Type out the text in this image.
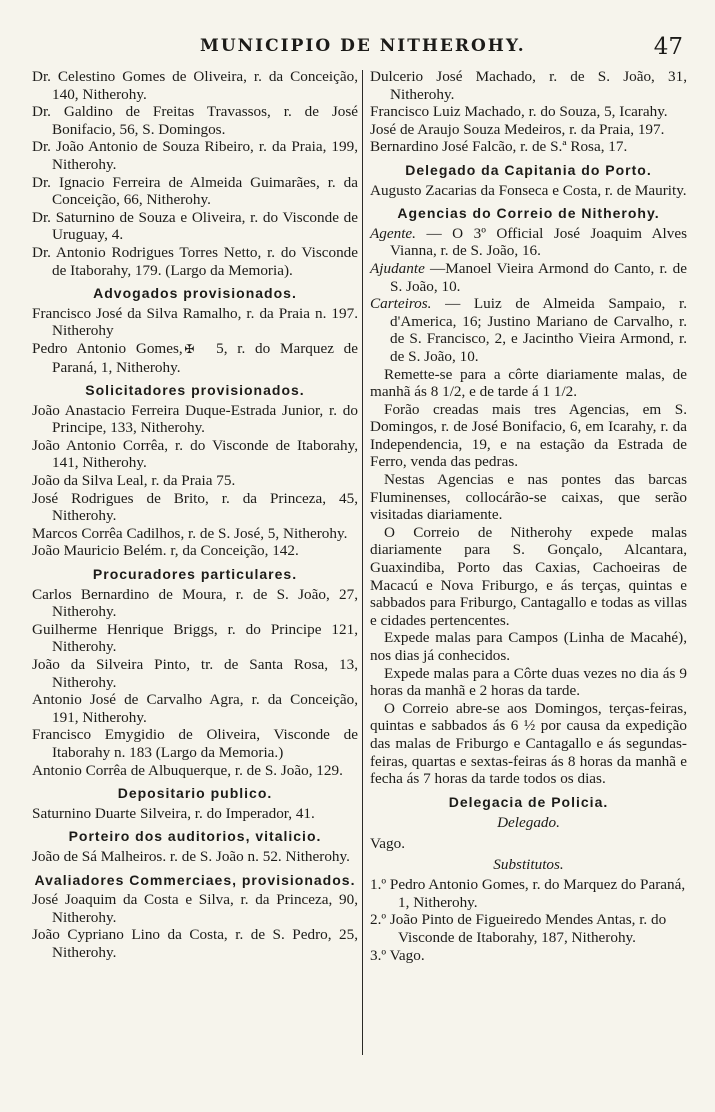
MUNICIPIO DE NITHEROHY.	47

Dr. Celestino Gomes de Oliveira, r. da Conceição, 140, Nitherohy.

Dr. Galdino de Freitas Travassos, r. de José Bonifacio, 56, S. Domingos.

Dr. João Antonio de Souza Ribeiro, r. da Praia, 199, Nitherohy.

Dr. Ignacio Ferreira de Almeida Guimarães, r. da Conceição, 66, Nitherohy.

Dr. Saturnino de Souza e Oliveira, r. do Visconde de Uruguay, 4.

Dr. Antonio Rodrigues Torres Netto, r. do Visconde de Itaborahy, 179. (Largo da Memoria).

Advogados provisionados.

Francisco José da Silva Ramalho, r. da Praia n. 197. Nitherohy

Pedro Antonio Gomes, ✠ 5, r. do Marquez de Paraná, 1, Nitherohy.

Solicitadores provisionados.

João Anastacio Ferreira Duque-Estrada Junior, r. do Principe, 133, Nitherohy.

João Antonio Corrêa, r. do Visconde de Itaborahy, 141, Nitherohy.

João da Silva Leal, r. da Praia 75.

José Rodrigues de Brito, r. da Princeza, 45, Nitherohy.

Marcos Corrêa Cadilhos, r. de S. José, 5, Nitherohy.

João Mauricio Belém. r, da Conceição, 142.

Procuradores particulares.

Carlos Bernardino de Moura, r. de S. João, 27, Nitherohy.

Guilherme Henrique Briggs, r. do Principe 121, Nitherohy.

João da Silveira Pinto, tr. de Santa Rosa, 13, Nitherohy.

Antonio José de Carvalho Agra, r. da Conceição, 191, Nitherohy.

Francisco Emygidio de Oliveira, Visconde de Itaborahy n. 183 (Largo da Memoria.)

Antonio Corrêa de Albuquerque, r. de S. João, 129.

Depositario publico.

Saturnino Duarte Silveira, r. do Imperador, 41.

Porteiro dos auditorios, vitalicio.

João de Sá Malheiros. r. de S. João n. 52. Nitherohy.

Avaliadores Commerciaes, provisionados.

José Joaquim da Costa e Silva, r. da Princeza, 90, Nitherohy.

João Cypriano Lino da Costa, r. de S. Pedro, 25, Nitherohy.

Dulcerio José Machado, r. de S. João, 31, Nitherohy.

Francisco Luiz Machado, r. do Souza, 5, Icarahy.

José de Araujo Souza Medeiros, r. da Praia, 197.

Bernardino José Falcão, r. de S.ª Rosa, 17.

Delegado da Capitania do Porto.

Augusto Zacarias da Fonseca e Costa, r. de Maurity.

Agencias do Correio de Nitherohy.

Agente. — O 3º Official José Joaquim Alves Vianna, r. de S. João, 16.

Ajudante —Manoel Vieira Armond do Canto, r. de S. João, 10.

Carteiros. — Luiz de Almeida Sampaio, r. d'America, 16; Justino Mariano de Carvalho, r. de S. Francisco, 2, e Jacintho Vieira Armond, r. de S. João, 10.

Remette-se para a côrte diariamente malas, de manhã ás 8 1/2, e de tarde á 1 1/2.

Forão creadas mais tres Agencias, em S. Domingos, r. de José Bonifacio, 6, em Icarahy, r. da Independencia, 19, e na estação da Estrada de Ferro, venda das pedras.

Nestas Agencias e nas pontes das barcas Fluminenses, collocárão-se caixas, que serão visitadas diariamente.

O Correio de Nitherohy expede malas diariamente para S. Gonçalo, Alcantara, Guaxindiba, Porto das Caxias, Cachoeiras de Macacú e Nova Friburgo, e ás terças, quintas e sabbados para Friburgo, Cantagallo e todas as villas e cidades pertencentes.

Expede malas para Campos (Linha de Macahé), nos dias já conhecidos.

Expede malas para a Côrte duas vezes no dia ás 9 horas da manhã e 2 horas da tarde.

O Correio abre-se aos Domingos, terças-feiras, quintas e sabbados ás 6 ½ por causa da expedição das malas de Friburgo e Cantagallo e ás segundas-feiras, quartas e sextas-feiras ás 8 horas da manhã e fecha ás 7 horas da tarde todos os dias.

Delegacia de Policia.
Delegado.

Vago.

Substitutos.

1.º Pedro Antonio Gomes, r. do Marquez do Paraná, 1, Nitherohy.

2.º João Pinto de Figueiredo Mendes Antas, r. do Visconde de Itaborahy, 187, Nitherohy.

3.º Vago.
